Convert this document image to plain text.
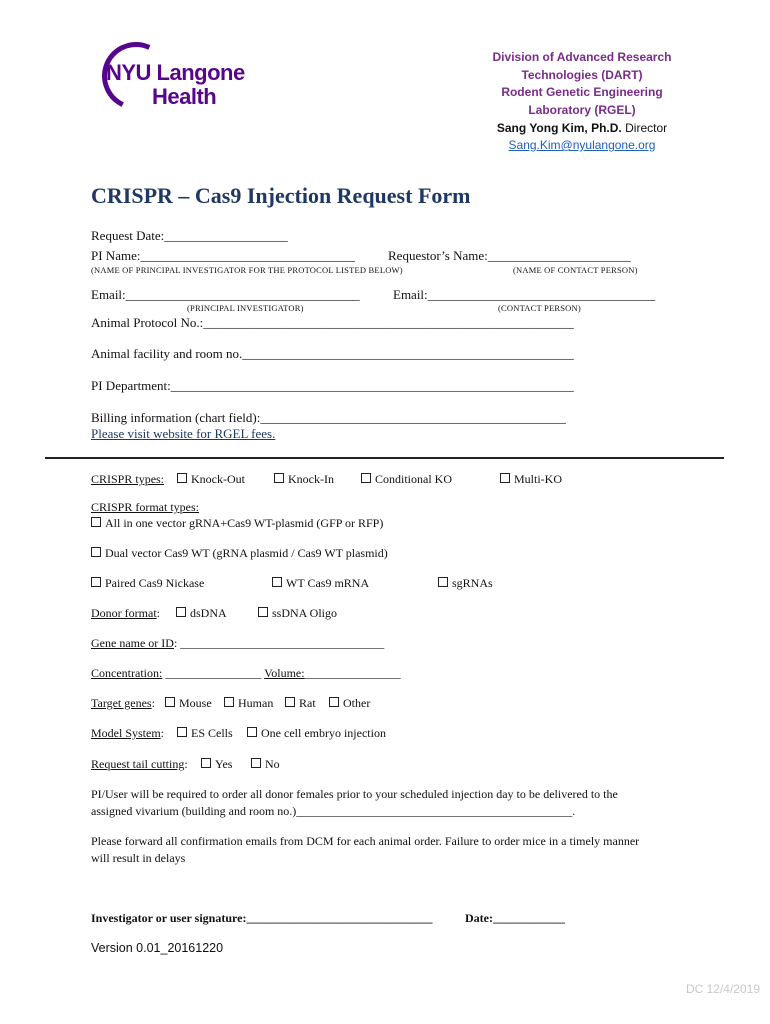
NYU Langone
Health
Division of Advanced Research
Technologies (DART)
Rodent Genetic Engineering
Laboratory (RGEL)
Sang Yong Kim, Ph.D. Director
Sang.Kim@nyulangone.org
CRISPR – Cas9 Injection Request Form
Request Date:___________________
PI Name:_________________________________	Requestor’s Name:______________________
(NAME OF PRINCIPAL INVESTIGATOR FOR THE PROTOCOL LISTED BELOW)	(NAME OF CONTACT PERSON)
Email:____________________________________	Email:___________________________________
(PRINCIPAL INVESTIGATOR)	(CONTACT PERSON)
Animal Protocol No.:_________________________________________________________
Animal facility and room no.___________________________________________________
PI Department:______________________________________________________________
Billing information (chart field):_______________________________________________
Please visit website for RGEL fees.
CRISPR types:	Knock-Out	Knock-In	Conditional KO	Multi-KO
CRISPR format types:
All in one vector gRNA+Cas9 WT-plasmid (GFP or RFP)
Dual vector Cas9 WT (gRNA plasmid / Cas9 WT plasmid)
Paired Cas9 Nickase	WT Cas9 mRNA	sgRNAs
Donor format:	dsDNA	ssDNA Oligo
Gene name or ID: __________________________________
Concentration: ________________ Volume:________________
Target genes:	Mouse	Human	Rat	Other
Model System:	ES Cells	One cell embryo injection
Request tail cutting:	Yes	No
PI/User will be required to order all donor females prior to your scheduled injection day to be delivered to the
assigned vivarium (building and room no.)______________________________________________.
Please forward all confirmation emails from DCM for each animal order. Failure to order mice in a timely manner
will result in delays
Investigator or user signature:_______________________________	Date:____________
Version 0.01_20161220
DC 12/4/2019
